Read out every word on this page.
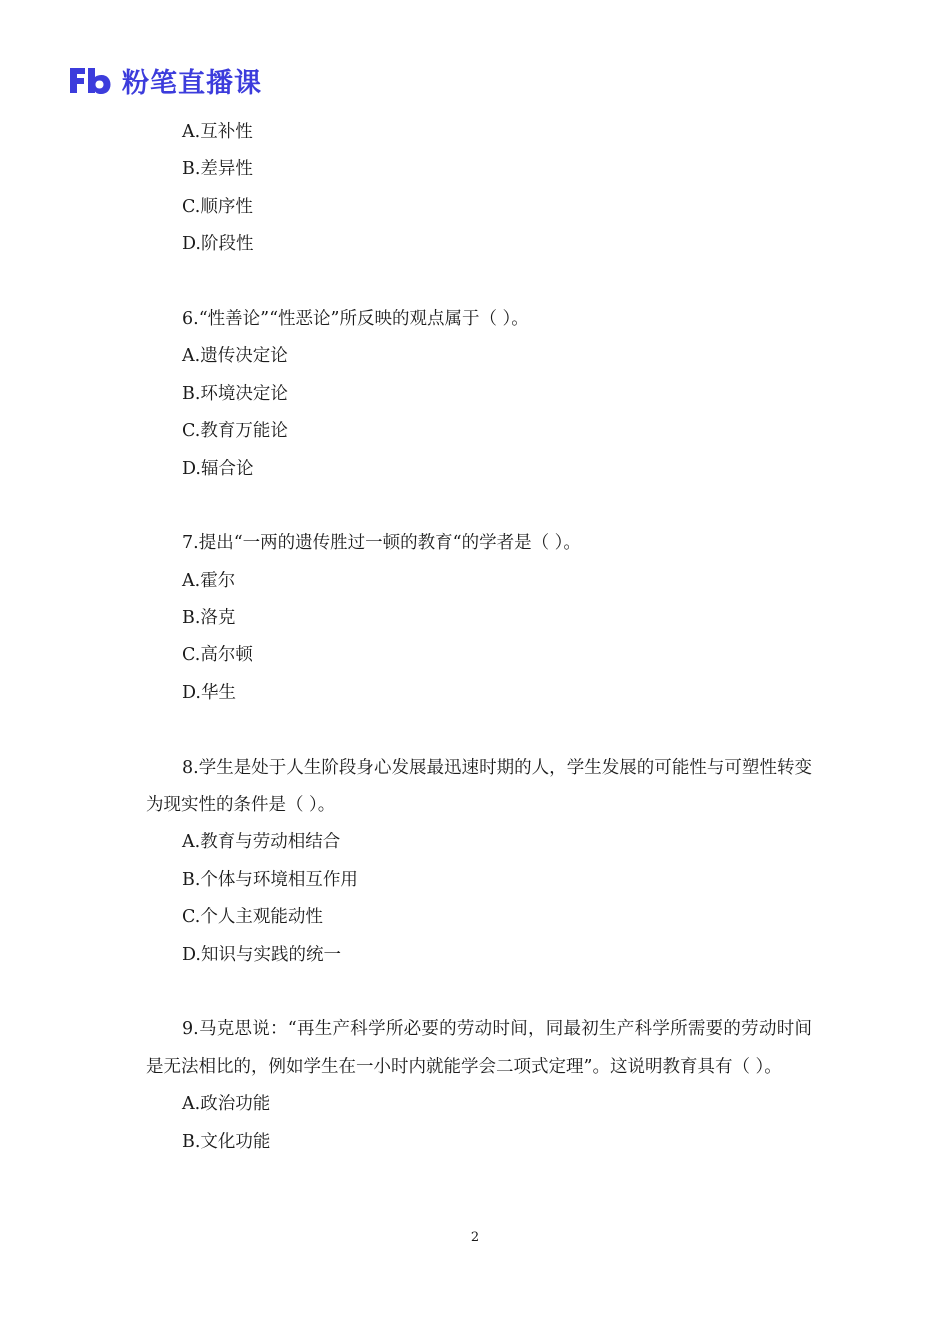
粉笔直播课
A.互补性
B.差异性
C.顺序性
D.阶段性
6.“性善论”“性恶论”所反映的观点属于（ ）。
A.遗传决定论
B.环境决定论
C.教育万能论
D.辐合论
7.提出“一两的遗传胜过一顿的教育“的学者是（ ）。
A.霍尔
B.洛克
C.高尔顿
D.华生
8.学生是处于人生阶段身心发展最迅速时期的人，学生发展的可能性与可塑性转变为现实性的条件是（ ）。
A.教育与劳动相结合
B.个体与环境相互作用
C.个人主观能动性
D.知识与实践的统一
9.马克思说：“再生产科学所必要的劳动时间，同最初生产科学所需要的劳动时间是无法相比的，例如学生在一小时内就能学会二项式定理”。这说明教育具有（ ）。
A.政治功能
B.文化功能
2
